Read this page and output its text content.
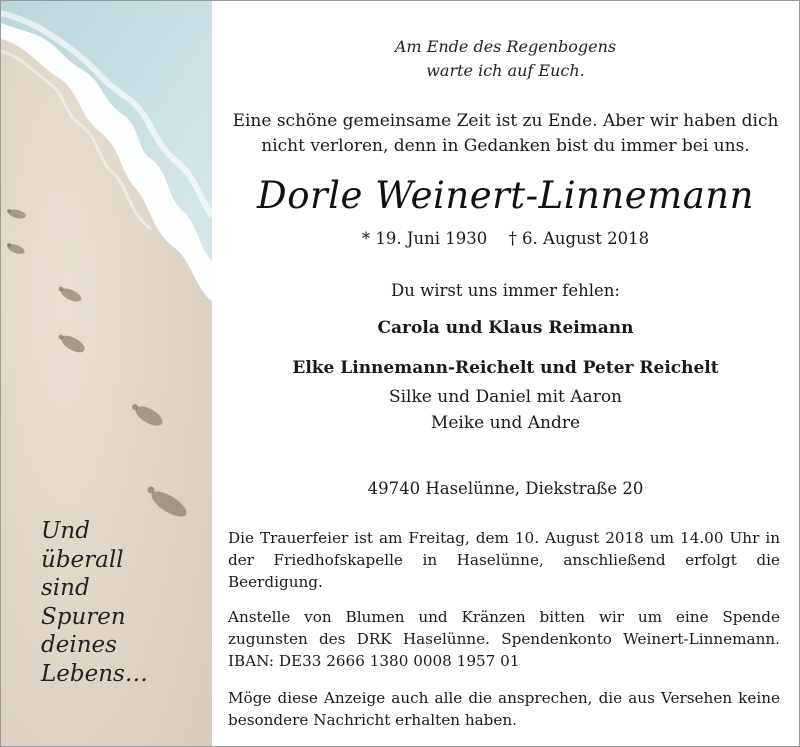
Und
überall
sind
Spuren
deines
Lebens…
Am Ende des Regenbogens
warte ich auf Euch.
Eine schöne gemeinsame Zeit ist zu Ende. Aber wir haben dich
nicht verloren, denn in Gedanken bist du immer bei uns.
Dorle Weinert-Linnemann
* 19. Juni 1930 † 6. August 2018
Du wirst uns immer fehlen:
Carola und Klaus Reimann
Elke Linnemann-Reichelt und Peter Reichelt
Silke und Daniel mit Aaron
Meike und Andre
49740 Haselünne, Diekstraße 20
Die Trauerfeier ist am Freitag, dem 10. August 2018 um 14.00 Uhr in der Friedhofskapelle in Haselünne, anschließend erfolgt die Beerdigung.
Anstelle von Blumen und Kränzen bitten wir um eine Spende zugunsten des DRK Haselünne. Spendenkonto Weinert-Linnemann. IBAN: DE33 2666 1380 0008 1957 01
Möge diese Anzeige auch alle die ansprechen, die aus Versehen keine besondere Nachricht erhalten haben.
